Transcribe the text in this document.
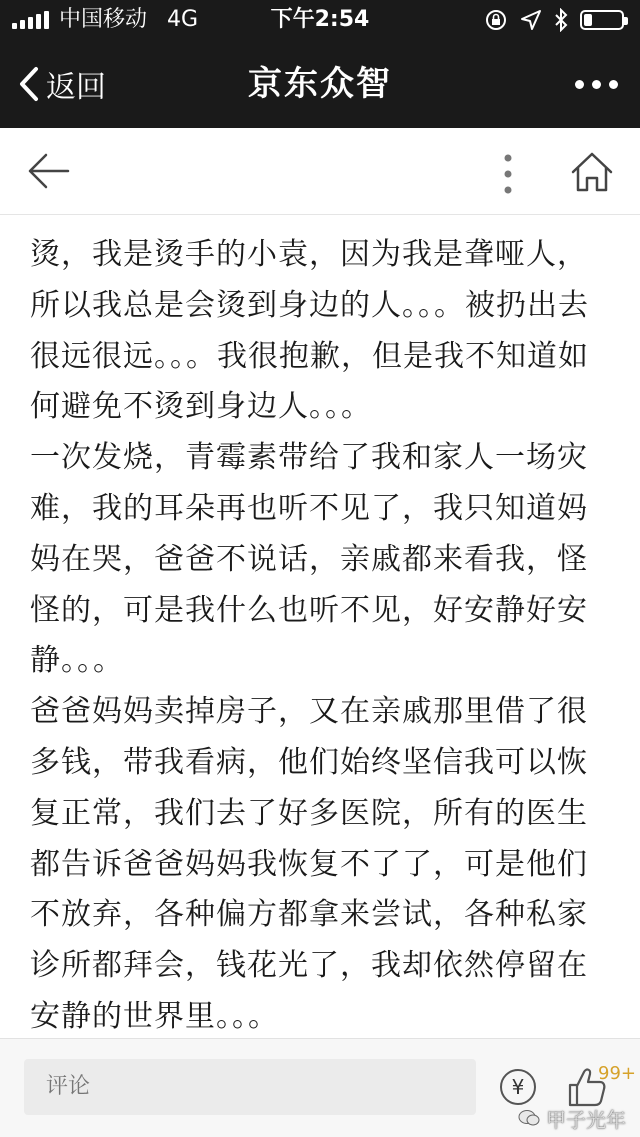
中国移动 4G	下午2:54
返回	京东众智

烫，我是烫手的小袁，因为我是聋哑人，所以我总是会烫到身边的人。。。被扔出去很远很远。。。我很抱歉，但是我不知道如何避免不烫到身边人。。。

一次发烧，青霉素带给了我和家人一场灾难，我的耳朵再也听不见了，我只知道妈妈在哭，爸爸不说话，亲戚都来看我，怪怪的，可是我什么也听不见，好安静好安静。。。

爸爸妈妈卖掉房子，又在亲戚那里借了很多钱，带我看病，他们始终坚信我可以恢复正常，我们去了好多医院，所有的医生都告诉爸爸妈妈我恢复不了了，可是他们不放弃，各种偏方都拿来尝试，各种私家诊所都拜会，钱花光了，我却依然停留在安静的世界里。。。

评论
¥
99+
甲子光年
